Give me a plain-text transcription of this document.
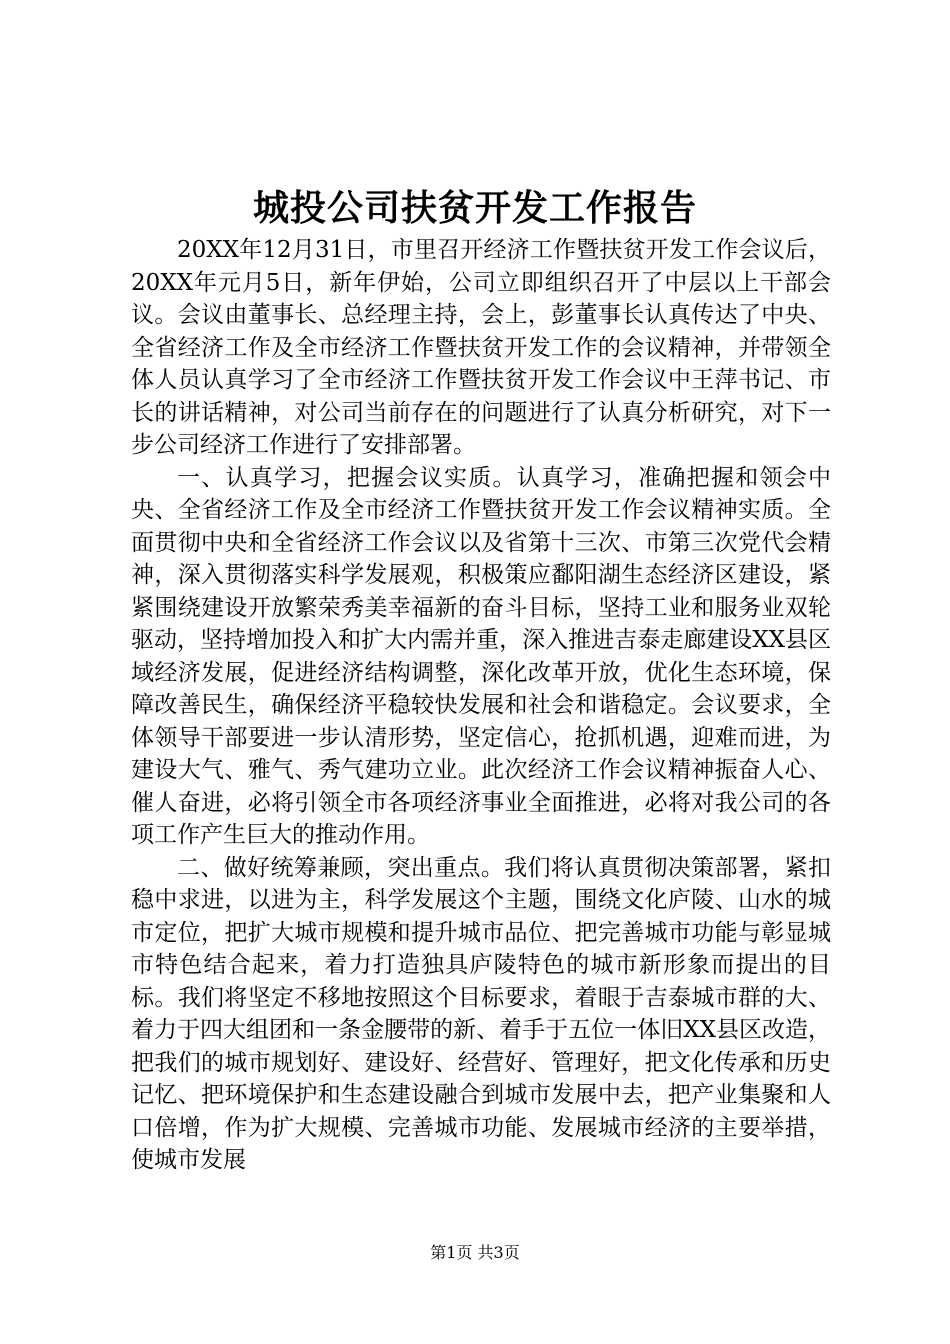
城投公司扶贫开发工作报告

20XX年12月31日，市里召开经济工作暨扶贫开发工作会议后，20XX年元月5日，新年伊始，公司立即组织召开了中层以上干部会议。会议由董事长、总经理主持，会上，彭董事长认真传达了中央、全省经济工作及全市经济工作暨扶贫开发工作的会议精神，并带领全体人员认真学习了全市经济工作暨扶贫开发工作会议中王萍书记、市长的讲话精神，对公司当前存在的问题进行了认真分析研究，对下一步公司经济工作进行了安排部署。

一、认真学习，把握会议实质。认真学习，准确把握和领会中央、全省经济工作及全市经济工作暨扶贫开发工作会议精神实质。全面贯彻中央和全省经济工作会议以及省第十三次、市第三次党代会精神，深入贯彻落实科学发展观，积极策应鄱阳湖生态经济区建设，紧紧围绕建设开放繁荣秀美幸福新的奋斗目标，坚持工业和服务业双轮驱动，坚持增加投入和扩大内需并重，深入推进吉泰走廊建设XX县区域经济发展，促进经济结构调整，深化改革开放，优化生态环境，保障改善民生，确保经济平稳较快发展和社会和谐稳定。会议要求，全体领导干部要进一步认清形势，坚定信心，抢抓机遇，迎难而进，为建设大气、雅气、秀气建功立业。此次经济工作会议精神振奋人心、催人奋进，必将引领全市各项经济事业全面推进，必将对我公司的各项工作产生巨大的推动作用。

二、做好统筹兼顾，突出重点。我们将认真贯彻决策部署，紧扣稳中求进，以进为主，科学发展这个主题，围绕文化庐陵、山水的城市定位，把扩大城市规模和提升城市品位、把完善城市功能与彰显城市特色结合起来，着力打造独具庐陵特色的城市新形象而提出的目标。我们将坚定不移地按照这个目标要求，着眼于吉泰城市群的大、着力于四大组团和一条金腰带的新、着手于五位一体旧XX县区改造，把我们的城市规划好、建设好、经营好、管理好，把文化传承和历史记忆、把环境保护和生态建设融合到城市发展中去，把产业集聚和人口倍增，作为扩大规模、完善城市功能、发展城市经济的主要举措，使城市发展

第1页 共3页
